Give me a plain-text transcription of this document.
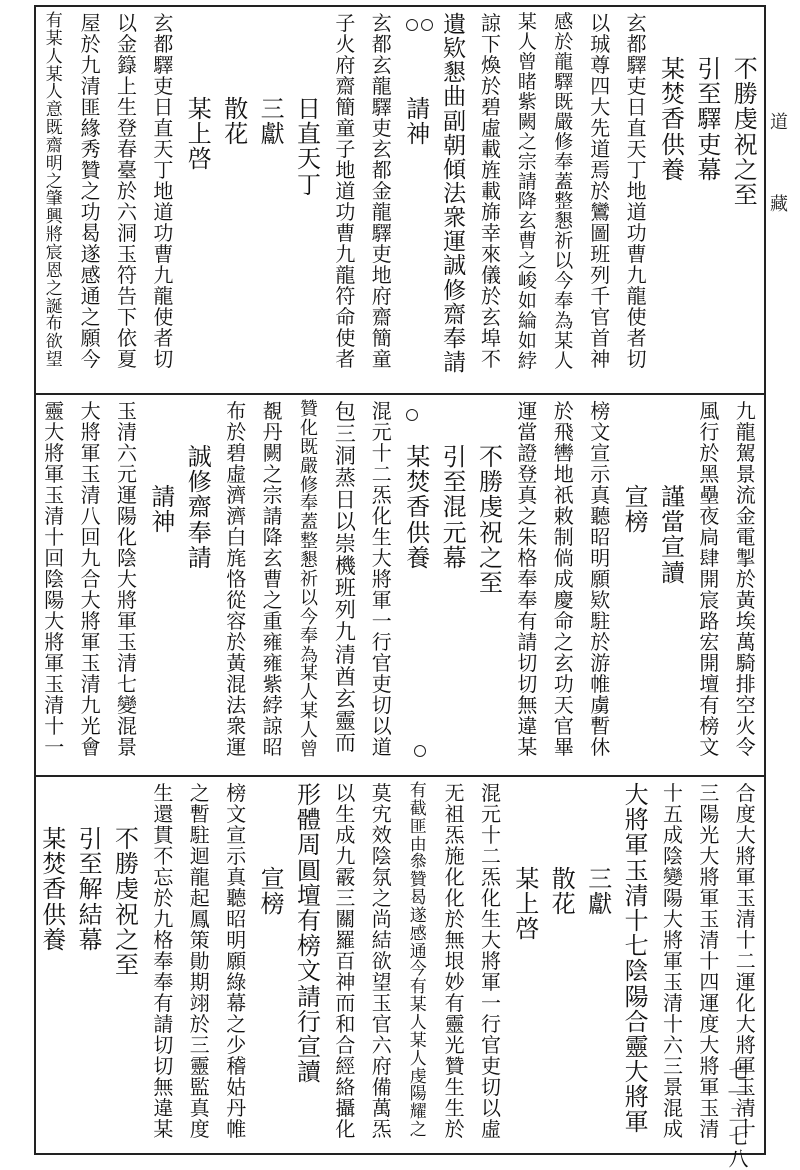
不
勝
虔
祝
之
至
引
至
驛
吏
幕
某
焚
香
供
養
玄
都
驛
吏
日
直
天
丁
地
道
功
曹
九
龍
使
者
切
以
珹
尊
四
大
先
道
焉
於
鸞
圖
班
列
千
官
首
神
感
於
龍
驛
既
嚴
修
奉
蓋
整
懇
祈
以
今
奉
為
某
人
某
人
曾
睹
紫
闕
之
宗
請
降
玄
曹
之
峻
如
綸
如
綍
諒
下
煥
於
碧
虛
載
旌
載
旆
幸
來
儀
於
玄
埠
不
遺
欵
懇
曲
副
朝
傾
法
衆
運
誠
修
齋
奉
請
請
神
玄
都
玄
龍
驛
吏
玄
都
金
龍
驛
吏
地
府
齋
簡
童
子
火
府
齋
簡
童
子
地
道
功
曹
九
龍
符
命
使
者
日
直
天
丁
三
獻
散
花
某
上
啓
玄
都
驛
吏
日
直
天
丁
地
道
功
曹
九
龍
使
者
切
以
金
籙
上
生
登
春
臺
於
六
洞
玉
符
告
下
依
夏
屋
於
九
清
匪
緣
秀
贊
之
功
曷
遂
感
通
之
願
今
有
某
人
某
人
意
既
齋
明
之
肇
興
將
宸
恩
之
誕
布
欲
望
九
龍
駕
景
流
金
電
掣
於
黃
埃
萬
騎
排
空
火
令
風
行
於
黑
壘
夜
扃
肆
開
宸
路
宏
開
壇
有
榜
文
謹
當
宣
讀
宣
榜
榜
文
宣
示
真
聽
昭
明
願
欵
駐
於
游
帷
虜
暫
休
於
飛
轡
地
祇
敕
制
倘
成
慶
命
之
玄
功
天
官
畢
運
當
證
登
真
之
朱
格
奉
奉
有
請
切
切
無
違
某
不
勝
虔
祝
之
至
引
至
混
元
幕
某
焚
香
供
養
混
元
十
二
炁
化
生
大
將
軍
一
行
官
吏
切
以
道
包
三
洞
蒸
日
以
崇
機
班
列
九
清
酋
玄
靈
而
贊
化
既
嚴
修
奉
蓋
整
懇
祈
以
今
奉
為
某
人
某
人
曾
覩
丹
闕
之
宗
請
降
玄
曹
之
重
雍
雍
紫
綍
諒
昭
布
於
碧
虛
濟
濟
白
旄
恪
從
容
於
黃
混
法
衆
運
誠
修
齋
奉
請
請
神
玉
清
六
元
運
陽
化
陰
大
將
軍
玉
清
七
變
混
景
大
將
軍
玉
清
八
回
九
合
大
將
軍
玉
清
九
光
會
靈
大
將
軍
玉
清
十
回
陰
陽
大
將
軍
玉
清
十
一
合
度
大
將
軍
玉
清
十
二
運
化
大
將
軍
玉
清
十
三
陽
光
大
將
軍
玉
清
十
四
運
度
大
將
軍
玉
清
十
五
成
陰
變
陽
大
將
軍
玉
清
十
六
三
景
混
成
大
將
軍
玉
清
十
七
陰
陽
合
靈
大
將
軍
三
獻
散
花
某
上
啓
混
元
十
二
炁
化
生
大
將
軍
一
行
官
吏
切
以
虛
无
祖
炁
施
化
化
於
無
垠
妙
有
靈
光
贊
生
生
於
有
截
匪
由
叅
贊
曷
遂
感
通
今
有
某
人
某
人
虔
陽
耀
之
莫
宄
效
陰
氛
之
尚
結
欲
望
玉
官
六
府
備
萬
炁
以
生
成
九
霰
三
關
羅
百
神
而
和
合
經
絡
攝
化
形
體
周
圓
壇
有
榜
文
請
行
宣
讀
宣
榜
榜
文
宣
示
真
聽
昭
明
願
綠
幕
之
少
稽
姑
丹
帷
之
暫
駐
迴
龍
起
鳳
策
勛
期
翊
於
三
靈
監
真
度
生
還
貫
不
忘
於
九
格
奉
奉
有
請
切
切
無
違
某
不
勝
虔
祝
之
至
引
至
解
結
幕
某
焚
香
供
養
道
藏
七｜二七八
